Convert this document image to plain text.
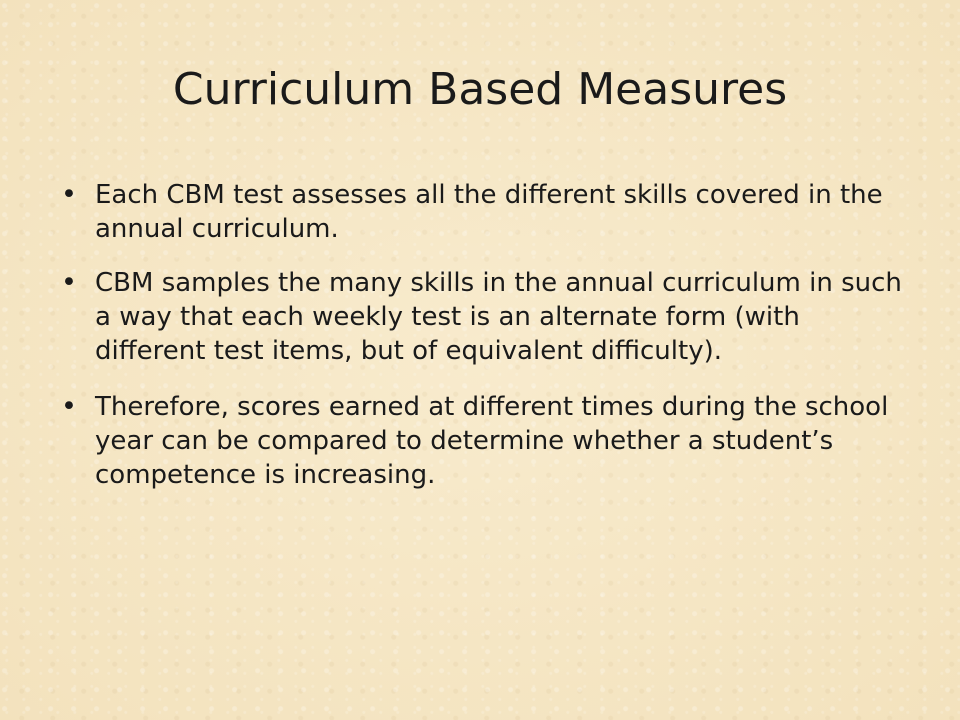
Curriculum Based Measures
• Each CBM test assesses all the different skills covered in the annual curriculum.
• CBM samples the many skills in the annual curriculum in such a way that each weekly test is an alternate form (with different test items, but of equivalent difficulty).
• Therefore, scores earned at different times during the school year can be compared to determine whether a student’s competence is increasing.
